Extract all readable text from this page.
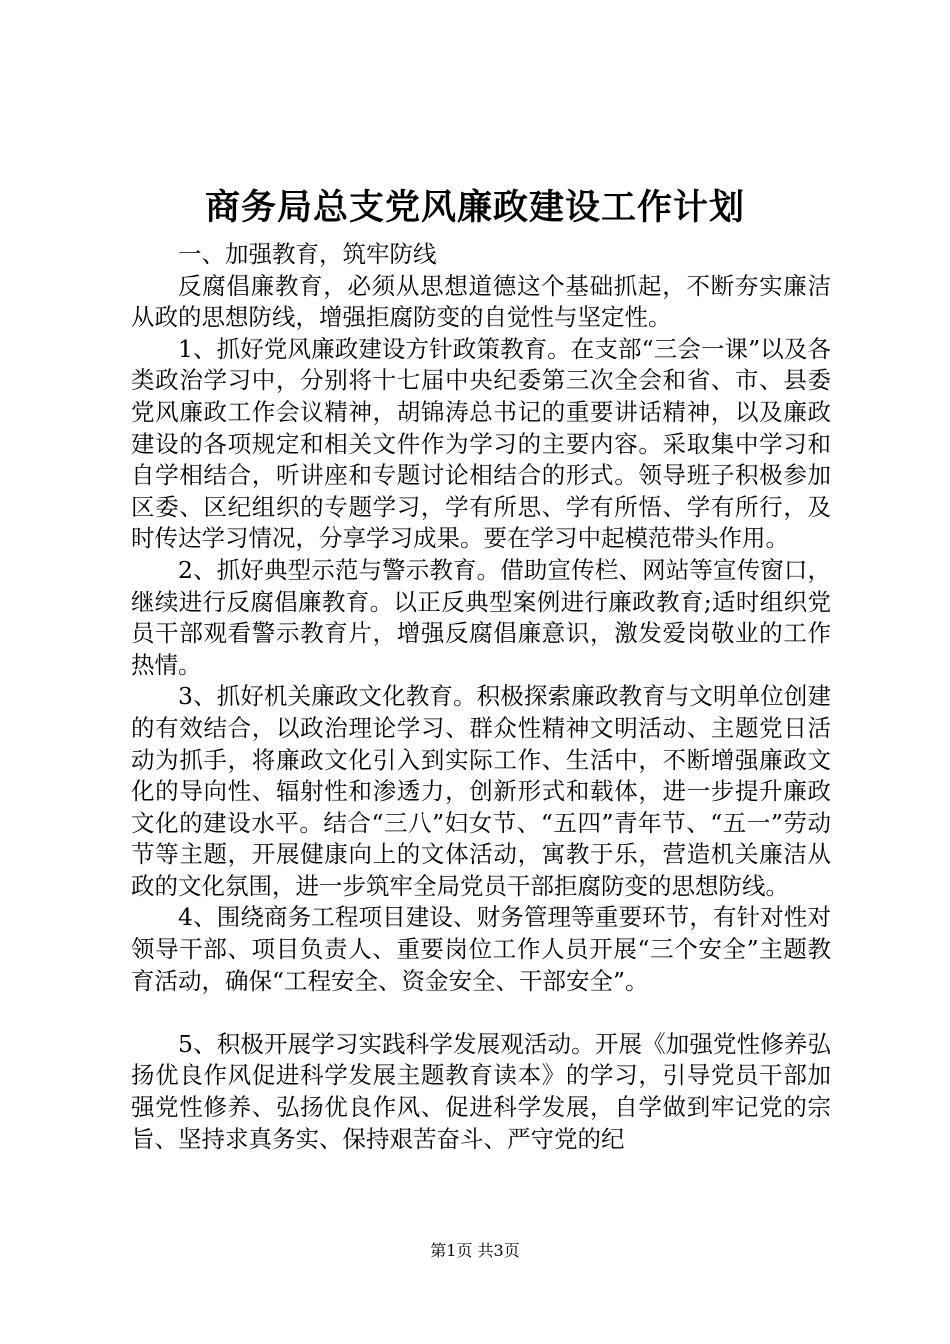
商务局总支党风廉政建设工作计划

一、加强教育，筑牢防线

反腐倡廉教育，必须从思想道德这个基础抓起，不断夯实廉洁从政的思想防线，增强拒腐防变的自觉性与坚定性。

1、抓好党风廉政建设方针政策教育。在支部“三会一课”以及各类政治学习中，分别将十七届中央纪委第三次全会和省、市、县委党风廉政工作会议精神，胡锦涛总书记的重要讲话精神，以及廉政建设的各项规定和相关文件作为学习的主要内容。采取集中学习和自学相结合，听讲座和专题讨论相结合的形式。领导班子积极参加区委、区纪组织的专题学习，学有所思、学有所悟、学有所行，及时传达学习情况，分享学习成果。要在学习中起模范带头作用。

2、抓好典型示范与警示教育。借助宣传栏、网站等宣传窗口，继续进行反腐倡廉教育。以正反典型案例进行廉政教育;适时组织党员干部观看警示教育片，增强反腐倡廉意识，激发爱岗敬业的工作热情。

3、抓好机关廉政文化教育。积极探索廉政教育与文明单位创建的有效结合，以政治理论学习、群众性精神文明活动、主题党日活动为抓手，将廉政文化引入到实际工作、生活中，不断增强廉政文化的导向性、辐射性和渗透力，创新形式和载体，进一步提升廉政文化的建设水平。结合“三八”妇女节、“五四”青年节、“五一”劳动节等主题，开展健康向上的文体活动，寓教于乐，营造机关廉洁从政的文化氛围，进一步筑牢全局党员干部拒腐防变的思想防线。

4、围绕商务工程项目建设、财务管理等重要环节，有针对性对领导干部、项目负责人、重要岗位工作人员开展“三个安全”主题教育活动，确保“工程安全、资金安全、干部安全”。

5、积极开展学习实践科学发展观活动。开展《加强党性修养弘扬优良作风促进科学发展主题教育读本》的学习，引导党员干部加强党性修养、弘扬优良作风、促进科学发展，自学做到牢记党的宗旨、坚持求真务实、保持艰苦奋斗、严守党的纪

第1页 共3页
